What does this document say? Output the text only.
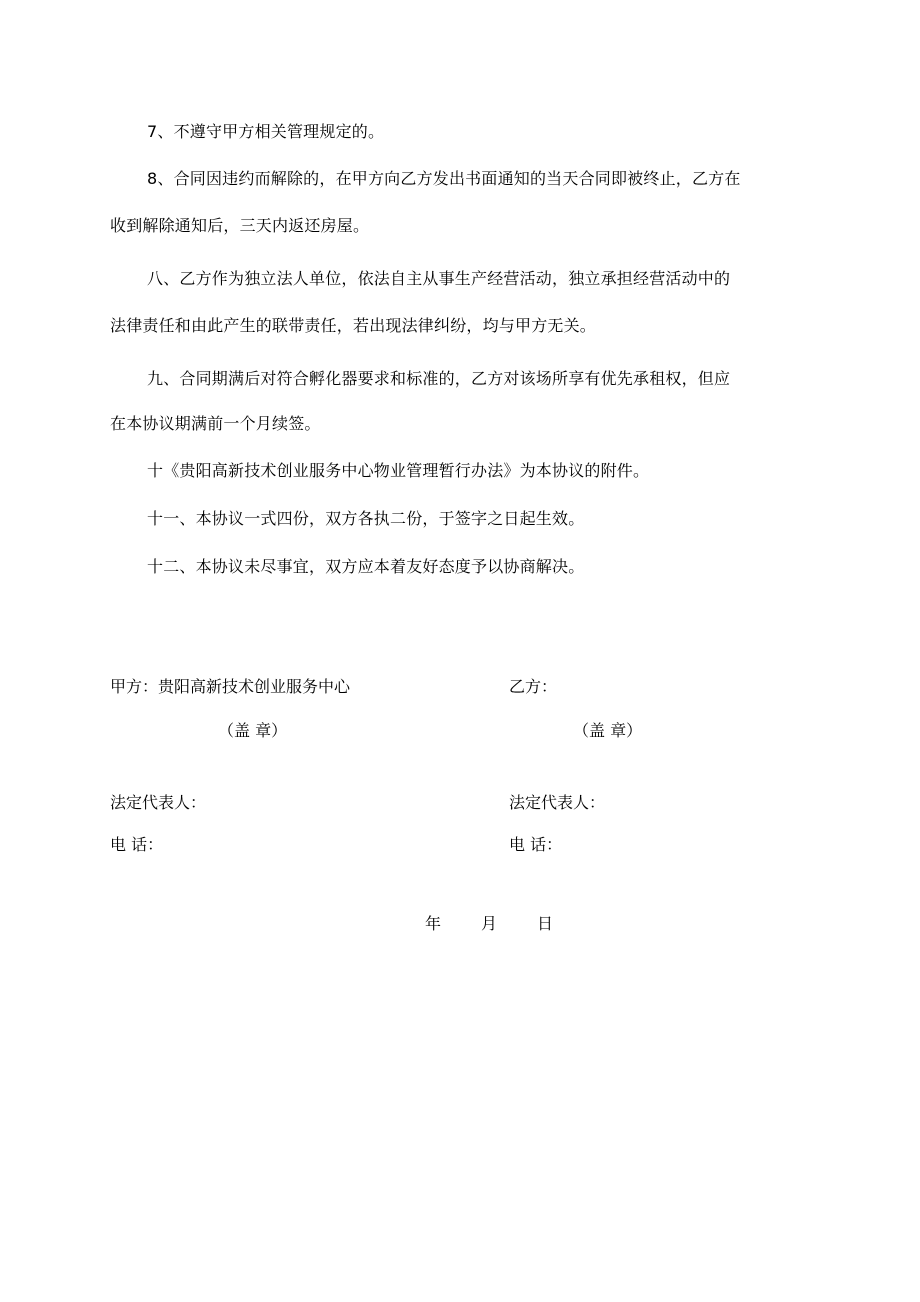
7、不遵守甲方相关管理规定的。

8、合同因违约而解除的，在甲方向乙方发出书面通知的当天合同即被终止，乙方在

收到解除通知后，三天内返还房屋。

八、乙方作为独立法人单位，依法自主从事生产经营活动，独立承担经营活动中的

法律责任和由此产生的联带责任，若出现法律纠纷，均与甲方无关。

九、合同期满后对符合孵化器要求和标准的，乙方对该场所享有优先承租权，但应

在本协议期满前一个月续签。

十《贵阳高新技术创业服务中心物业管理暂行办法》为本协议的附件。

十一、本协议一式四份，双方各执二份，于签字之日起生效。

十二、本协议未尽事宜，双方应本着友好态度予以协商解决。

甲方：贵阳高新技术创业服务中心	乙方：
（盖 章）	（盖 章）
法定代表人：	法定代表人：
电 话：	电 话：
年	月	日
